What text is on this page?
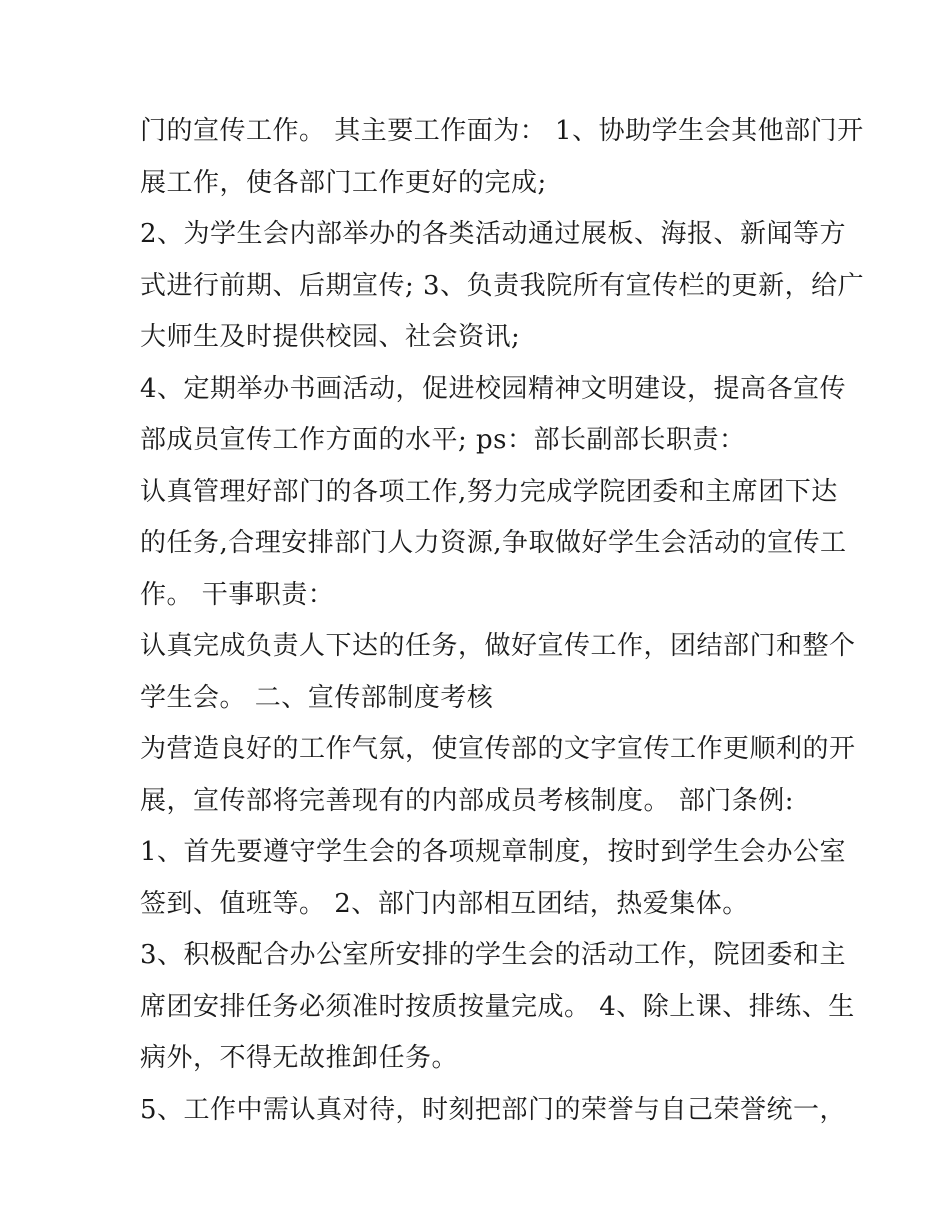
门的宣传工作。 其主要工作面为： 1、协助学生会其他部门开
展工作，使各部门工作更好的完成;
2、为学生会内部举办的各类活动通过展板、海报、新闻等方
式进行前期、后期宣传; 3、负责我院所有宣传栏的更新，给广
大师生及时提供校园、社会资讯;
4、定期举办书画活动，促进校园精神文明建设，提高各宣传
部成员宣传工作方面的水平; ps：部长副部长职责：
认真管理好部门的各项工作,努力完成学院团委和主席团下达
的任务,合理安排部门人力资源,争取做好学生会活动的宣传工
作。 干事职责：
认真完成负责人下达的任务，做好宣传工作，团结部门和整个
学生会。 二、宣传部制度考核
为营造良好的工作气氛，使宣传部的文字宣传工作更顺利的开
展，宣传部将完善现有的内部成员考核制度。 部门条例:
1、首先要遵守学生会的各项规章制度，按时到学生会办公室
签到、值班等。 2、部门内部相互团结，热爱集体。
3、积极配合办公室所安排的学生会的活动工作，院团委和主
席团安排任务必须准时按质按量完成。 4、除上课、排练、生
病外，不得无故推卸任务。
5、工作中需认真对待，时刻把部门的荣誉与自己荣誉统一，
